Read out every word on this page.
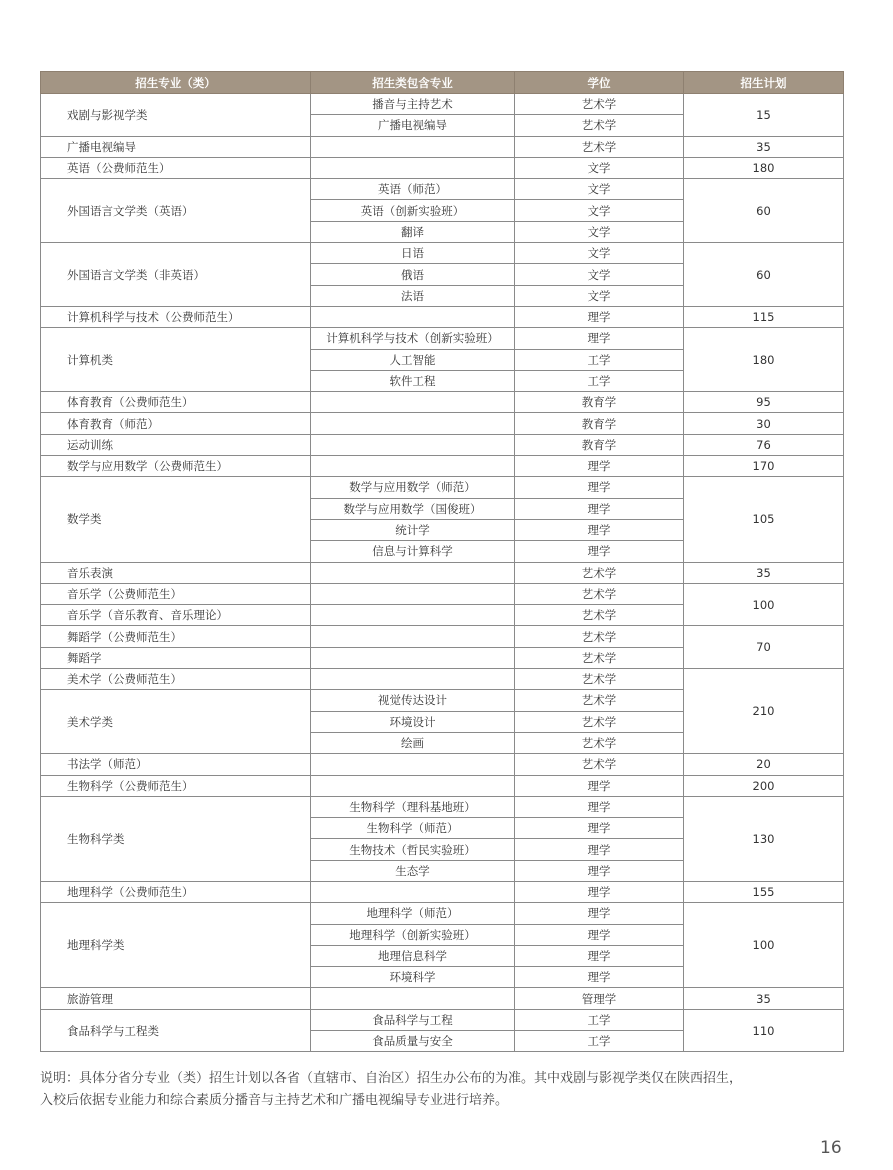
招生专业（类）	招生类包含专业	学位	招生计划
戏剧与影视学类	播音与主持艺术	艺术学	15
	广播电视编导	艺术学	
广播电视编导		艺术学	35
英语（公费师范生）		文学	180
外国语言文学类（英语）	英语（师范）	文学	60
	英语（创新实验班）	文学	
	翻译	文学	
外国语言文学类（非英语）	日语	文学	60
	俄语	文学	
	法语	文学	
计算机科学与技术（公费师范生）		理学	115
计算机类	计算机科学与技术（创新实验班）	理学	180
	人工智能	工学	
	软件工程	工学	
体育教育（公费师范生）		教育学	95
体育教育（师范）		教育学	30
运动训练		教育学	76
数学与应用数学（公费师范生）		理学	170
数学类	数学与应用数学（师范）	理学	105
	数学与应用数学（国俊班）	理学	
	统计学	理学	
	信息与计算科学	理学	
音乐表演		艺术学	35
音乐学（公费师范生）		艺术学	100
音乐学（音乐教育、音乐理论）		艺术学	
舞蹈学（公费师范生）		艺术学	70
舞蹈学		艺术学	
美术学（公费师范生）		艺术学	210
美术学类	视觉传达设计	艺术学	
	环境设计	艺术学	
	绘画	艺术学	
书法学（师范）		艺术学	20
生物科学（公费师范生）		理学	200
生物科学类	生物科学（理科基地班）	理学	130
	生物科学（师范）	理学	
	生物技术（哲民实验班）	理学	
	生态学	理学	
地理科学（公费师范生）		理学	155
地理科学类	地理科学（师范）	理学	100
	地理科学（创新实验班）	理学	
	地理信息科学	理学	
	环境科学	理学	
旅游管理		管理学	35
食品科学与工程类	食品科学与工程	工学	110
	食品质量与安全	工学	
说明：具体分省分专业（类）招生计划以各省（直辖市、自治区）招生办公布的为准。其中戏剧与影视学类仅在陕西招生，
入校后依据专业能力和综合素质分播音与主持艺术和广播电视编导专业进行培养。
16
